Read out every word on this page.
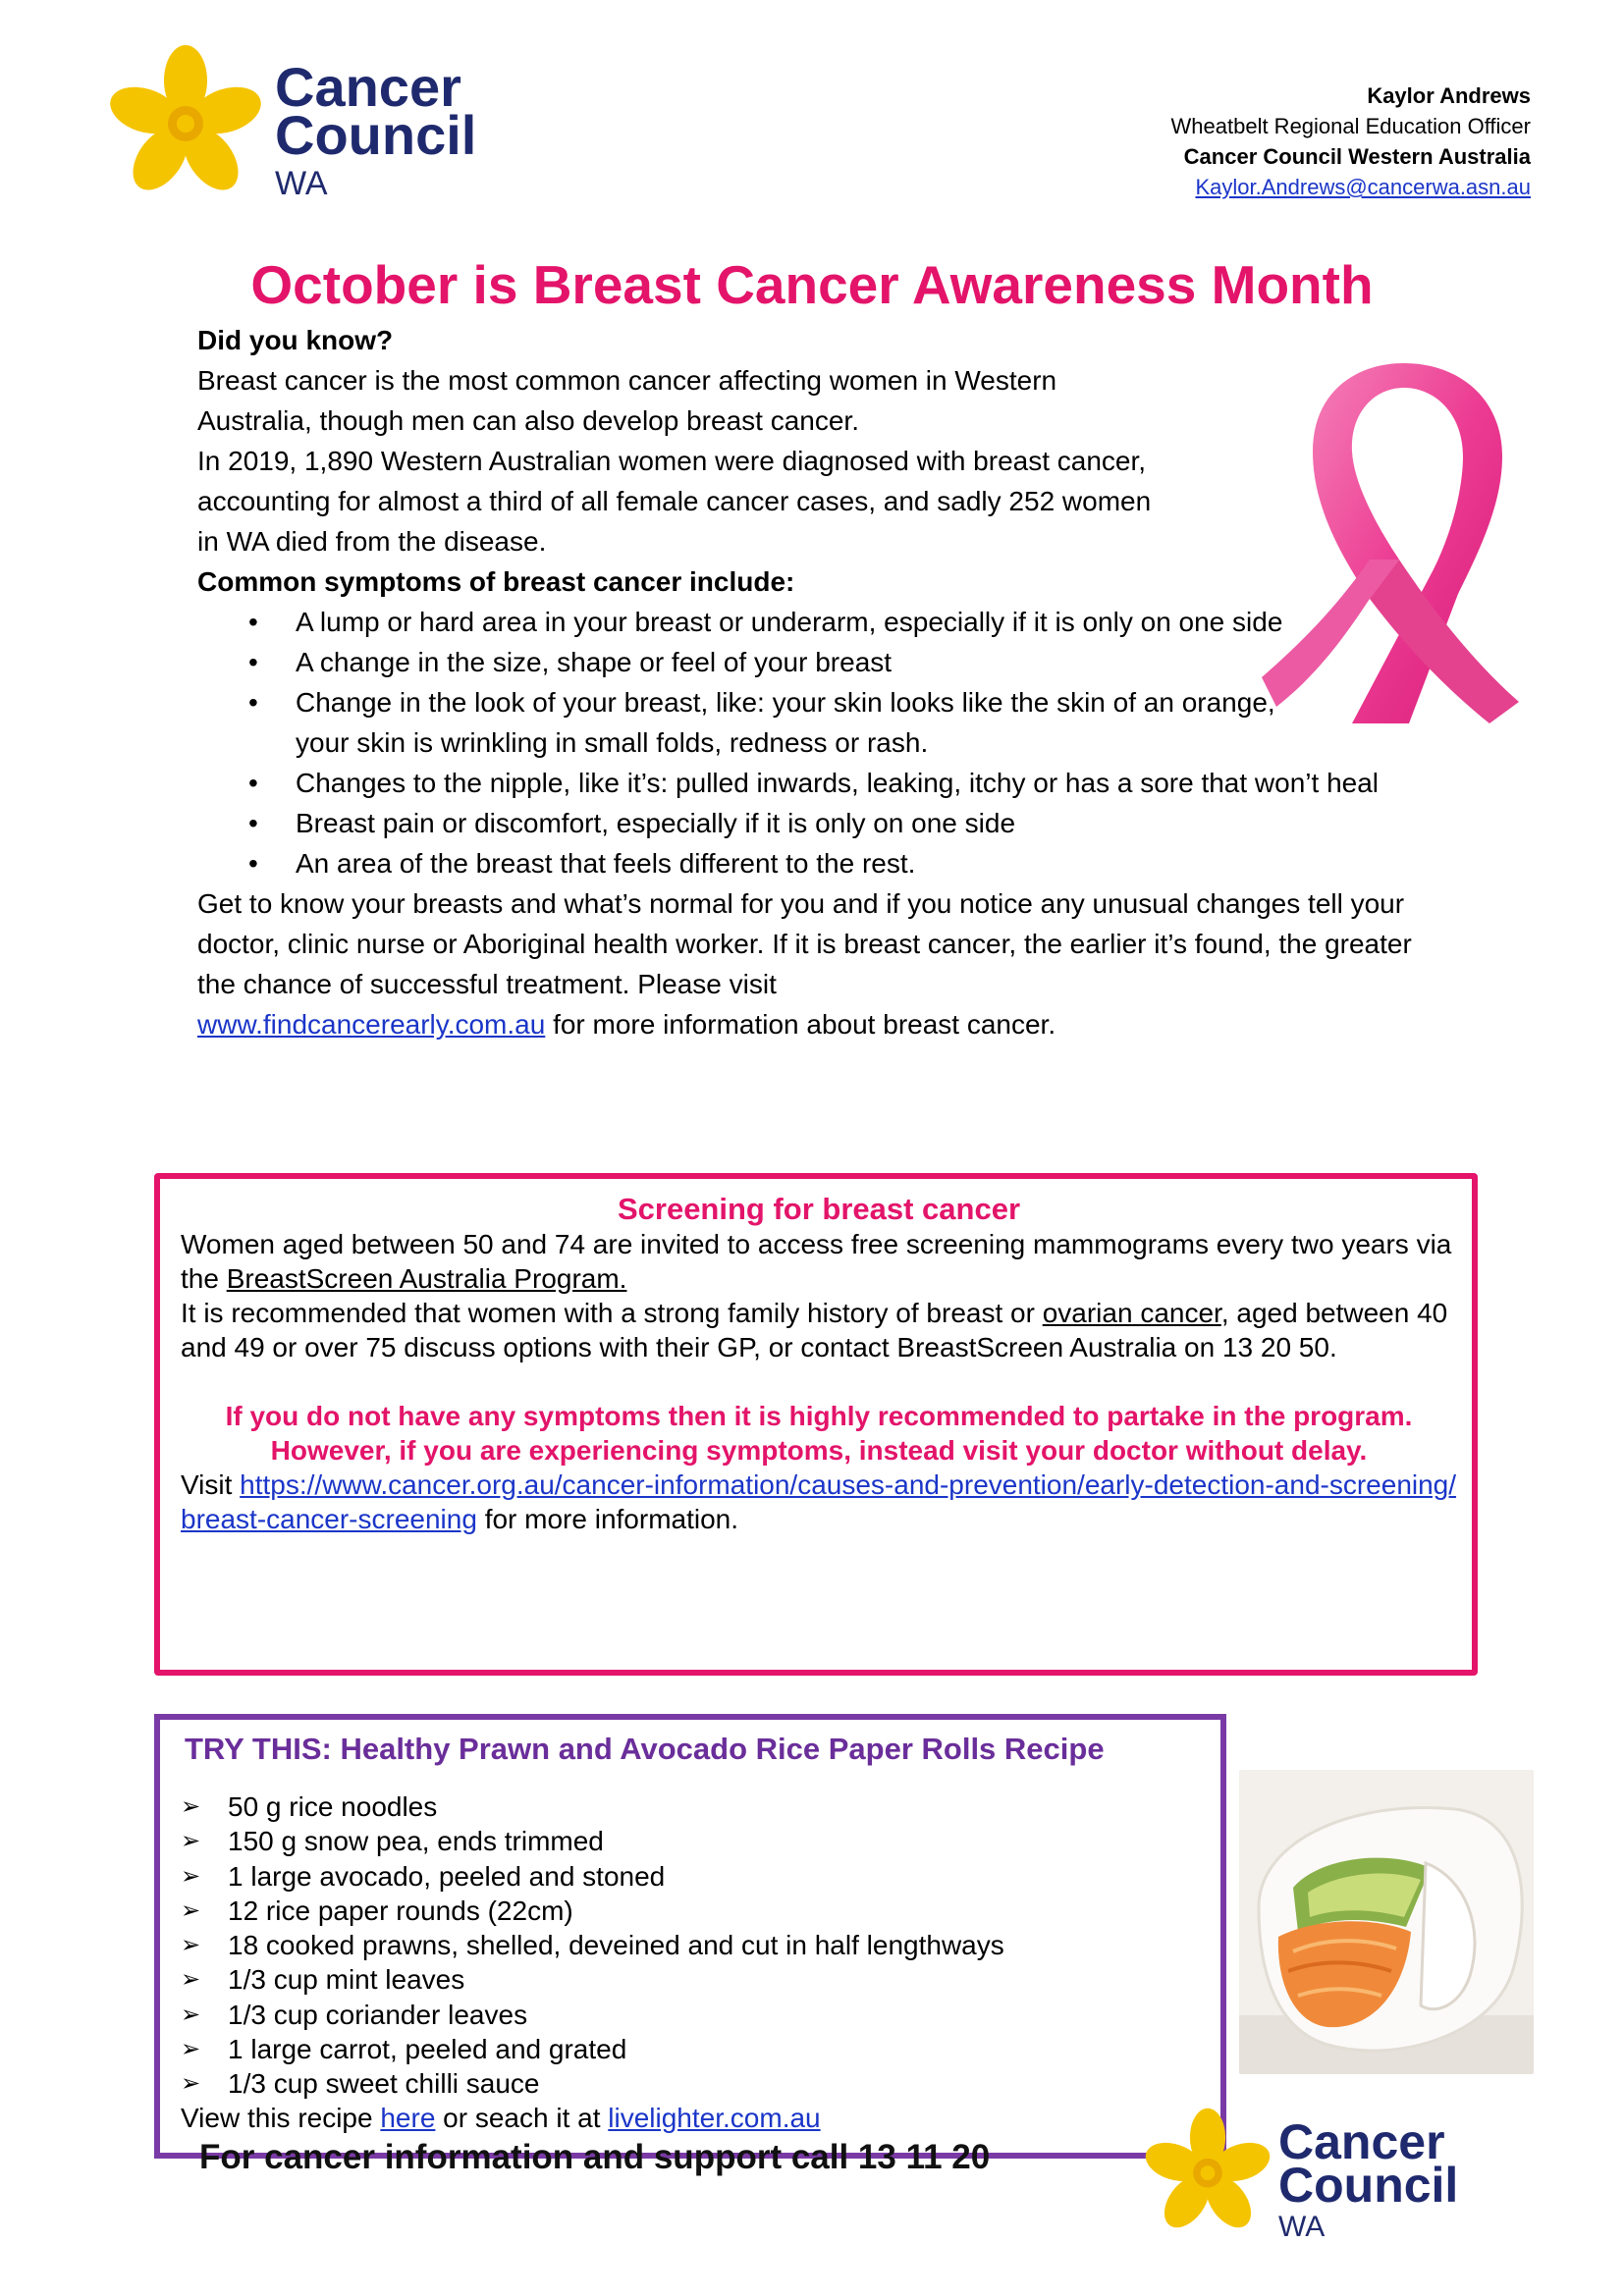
Cancer
Council
WA
Kaylor Andrews
Wheatbelt Regional Education Officer
Cancer Council Western Australia
Kaylor.Andrews@cancerwa.asn.au
October is Breast Cancer Awareness Month

Did you know?

Breast cancer is the most common cancer affecting women in Western Australia, though men can also develop breast cancer.

In 2019, 1,890 Western Australian women were diagnosed with breast cancer, accounting for almost a third of all female cancer cases, and sadly 252 women in WA died from the disease.

Common symptoms of breast cancer include:

• A lump or hard area in your breast or underarm, especially if it is only on one side
• A change in the size, shape or feel of your breast
• Change in the look of your breast, like: your skin looks like the skin of an orange, your skin is wrinkling in small folds, redness or rash.
• Changes to the nipple, like it’s: pulled inwards, leaking, itchy or has a sore that won’t heal
• Breast pain or discomfort, especially if it is only on one side
• An area of the breast that feels different to the rest.

Get to know your breasts and what’s normal for you and if you notice any unusual changes tell your doctor, clinic nurse or Aboriginal health worker. If it is breast cancer, the earlier it’s found, the greater the chance of successful treatment. Please visit
www.findcancerearly.com.au for more information about breast cancer.

Screening for breast cancer

Women aged between 50 and 74 are invited to access free screening mammograms every two years via the BreastScreen Australia Program.

It is recommended that women with a strong family history of breast or ovarian cancer, aged between 40 and 49 or over 75 discuss options with their GP, or contact BreastScreen Australia on 13 20 50.

If you do not have any symptoms then it is highly recommended to partake in the program. However, if you are experiencing symptoms, instead visit your doctor without delay.

Visit https://www.cancer.org.au/cancer-information/causes-and-prevention/early-detection-and-screening/breast-cancer-screening for more information.

TRY THIS: Healthy Prawn and Avocado Rice Paper Rolls Recipe
➢ 50 g rice noodles
➢ 150 g snow pea, ends trimmed
➢ 1 large avocado, peeled and stoned
➢ 12 rice paper rounds (22cm)
➢ 18 cooked prawns, shelled, deveined and cut in half lengthways
➢ 1/3 cup mint leaves
➢ 1/3 cup coriander leaves
➢ 1 large carrot, peeled and grated
➢ 1/3 cup sweet chilli sauce
View this recipe here or seach it at livelighter.com.au
For cancer information and support call 13 11 20	Cancer
Council
WA
